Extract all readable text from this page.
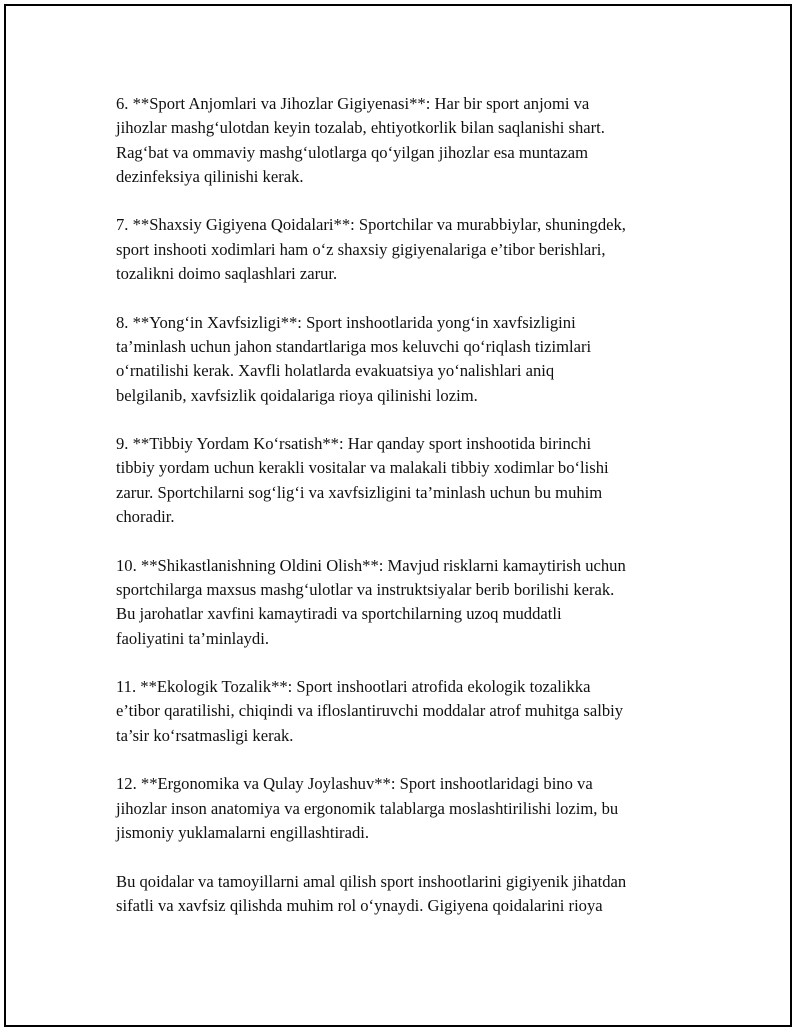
6. **Sport Anjomlari va Jihozlar Gigiyenasi**: Har bir sport anjomi va
jihozlar mashg‘ulotdan keyin tozalab, ehtiyotkorlik bilan saqlanishi shart.
Rag‘bat va ommaviy mashg‘ulotlarga qo‘yilgan jihozlar esa muntazam
dezinfeksiya qilinishi kerak.

7. **Shaxsiy Gigiyena Qoidalari**: Sportchilar va murabbiylar, shuningdek,
sport inshooti xodimlari ham o‘z shaxsiy gigiyenalariga e’tibor berishlari,
tozalikni doimo saqlashlari zarur.

8. **Yong‘in Xavfsizligi**: Sport inshootlarida yong‘in xavfsizligini
ta’minlash uchun jahon standartlariga mos keluvchi qo‘riqlash tizimlari
o‘rnatilishi kerak. Xavfli holatlarda evakuatsiya yo‘nalishlari aniq
belgilanib, xavfsizlik qoidalariga rioya qilinishi lozim.

9. **Tibbiy Yordam Ko‘rsatish**: Har qanday sport inshootida birinchi
tibbiy yordam uchun kerakli vositalar va malakali tibbiy xodimlar bo‘lishi
zarur. Sportchilarni sog‘lig‘i va xavfsizligini ta’minlash uchun bu muhim
choradir.

10. **Shikastlanishning Oldini Olish**: Mavjud risklarni kamaytirish uchun
sportchilarga maxsus mashg‘ulotlar va instruktsiyalar berib borilishi kerak.
Bu jarohatlar xavfini kamaytiradi va sportchilarning uzoq muddatli
faoliyatini ta’minlaydi.

11. **Ekologik Tozalik**: Sport inshootlari atrofida ekologik tozalikka
e’tibor qaratilishi, chiqindi va ifloslantiruvchi moddalar atrof muhitga salbiy
ta’sir ko‘rsatmasligi kerak.

12. **Ergonomika va Qulay Joylashuv**: Sport inshootlaridagi bino va
jihozlar inson anatomiya va ergonomik talablarga moslashtirilishi lozim, bu
jismoniy yuklamalarni engillashtiradi.

Bu qoidalar va tamoyillarni amal qilish sport inshootlarini gigiyenik jihatdan
sifatli va xavfsiz qilishda muhim rol o‘ynaydi. Gigiyena qoidalarini rioya
